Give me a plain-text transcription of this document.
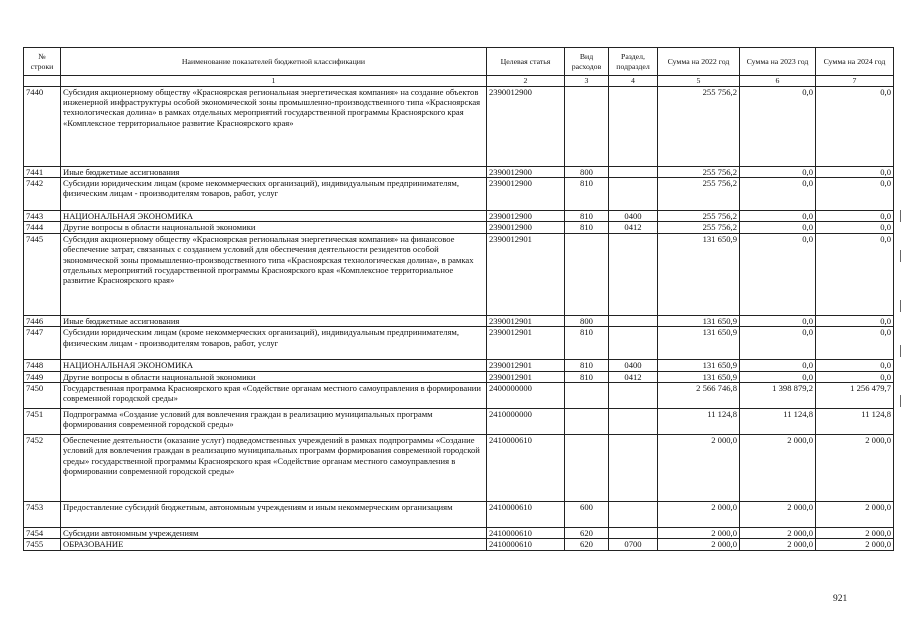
№ строки	Наименование показателей бюджетной классификации	Целевая статья	Вид расходов	Раздел, подраздел	Сумма на 2022 год	Сумма на 2023 год	Сумма на 2024 год
	1	2	3	4	5	6	7
7440	Субсидия акционерному обществу «Красноярская региональная энергетическая компания» на создание объектов инженерной инфраструктуры особой экономической зоны промышленно-производственного типа «Красноярская технологическая долина» в рамках отдельных мероприятий государственной программы Красноярского края «Комплексное территориальное развитие Красноярского края»	2390012900			255 756,2	0,0	0,0
7441	Иные бюджетные ассигнования	2390012900	800		255 756,2	0,0	0,0
7442	Субсидии юридическим лицам (кроме некоммерческих организаций), индивидуальным предпринимателям, физическим лицам - производителям товаров, работ, услуг	2390012900	810		255 756,2	0,0	0,0
7443	НАЦИОНАЛЬНАЯ ЭКОНОМИКА	2390012900	810	0400	255 756,2	0,0	0,0
7444	Другие вопросы в области национальной экономики	2390012900	810	0412	255 756,2	0,0	0,0
7445	Субсидия акционерному обществу «Красноярская региональная энергетическая компания» на финансовое обеспечение затрат, связанных с созданием условий для обеспечения деятельности резидентов особой экономической зоны промышленно-производственного типа «Красноярская технологическая долина», в рамках отдельных мероприятий государственной программы Красноярского края «Комплексное территориальное развитие Красноярского края»	2390012901			131 650,9	0,0	0,0
7446	Иные бюджетные ассигнования	2390012901	800		131 650,9	0,0	0,0
7447	Субсидии юридическим лицам (кроме некоммерческих организаций), индивидуальным предпринимателям, физическим лицам - производителям товаров, работ, услуг	2390012901	810		131 650,9	0,0	0,0
7448	НАЦИОНАЛЬНАЯ ЭКОНОМИКА	2390012901	810	0400	131 650,9	0,0	0,0
7449	Другие вопросы в области национальной экономики	2390012901	810	0412	131 650,9	0,0	0,0
7450	Государственная программа Красноярского края «Содействие органам местного самоуправления в формировании современной городской среды»	2400000000			2 566 746,8	1 398 879,2	1 256 479,7
7451	Подпрограмма «Создание условий для вовлечения граждан в реализацию муниципальных программ формирования современной городской среды»	2410000000			11 124,8	11 124,8	11 124,8
7452	Обеспечение деятельности (оказание услуг) подведомственных учреждений в рамках подпрограммы «Создание условий для вовлечения граждан в реализацию муниципальных программ формирования современной городской среды» государственной программы Красноярского края «Содействие органам местного самоуправления в формировании современной городской среды»	2410000610			2 000,0	2 000,0	2 000,0
7453	Предоставление субсидий бюджетным, автономным учреждениям и иным некоммерческим организациям	2410000610	600		2 000,0	2 000,0	2 000,0
7454	Субсидии автономным учреждениям	2410000610	620		2 000,0	2 000,0	2 000,0
7455	ОБРАЗОВАНИЕ	2410000610	620	0700	2 000,0	2 000,0	2 000,0
921
